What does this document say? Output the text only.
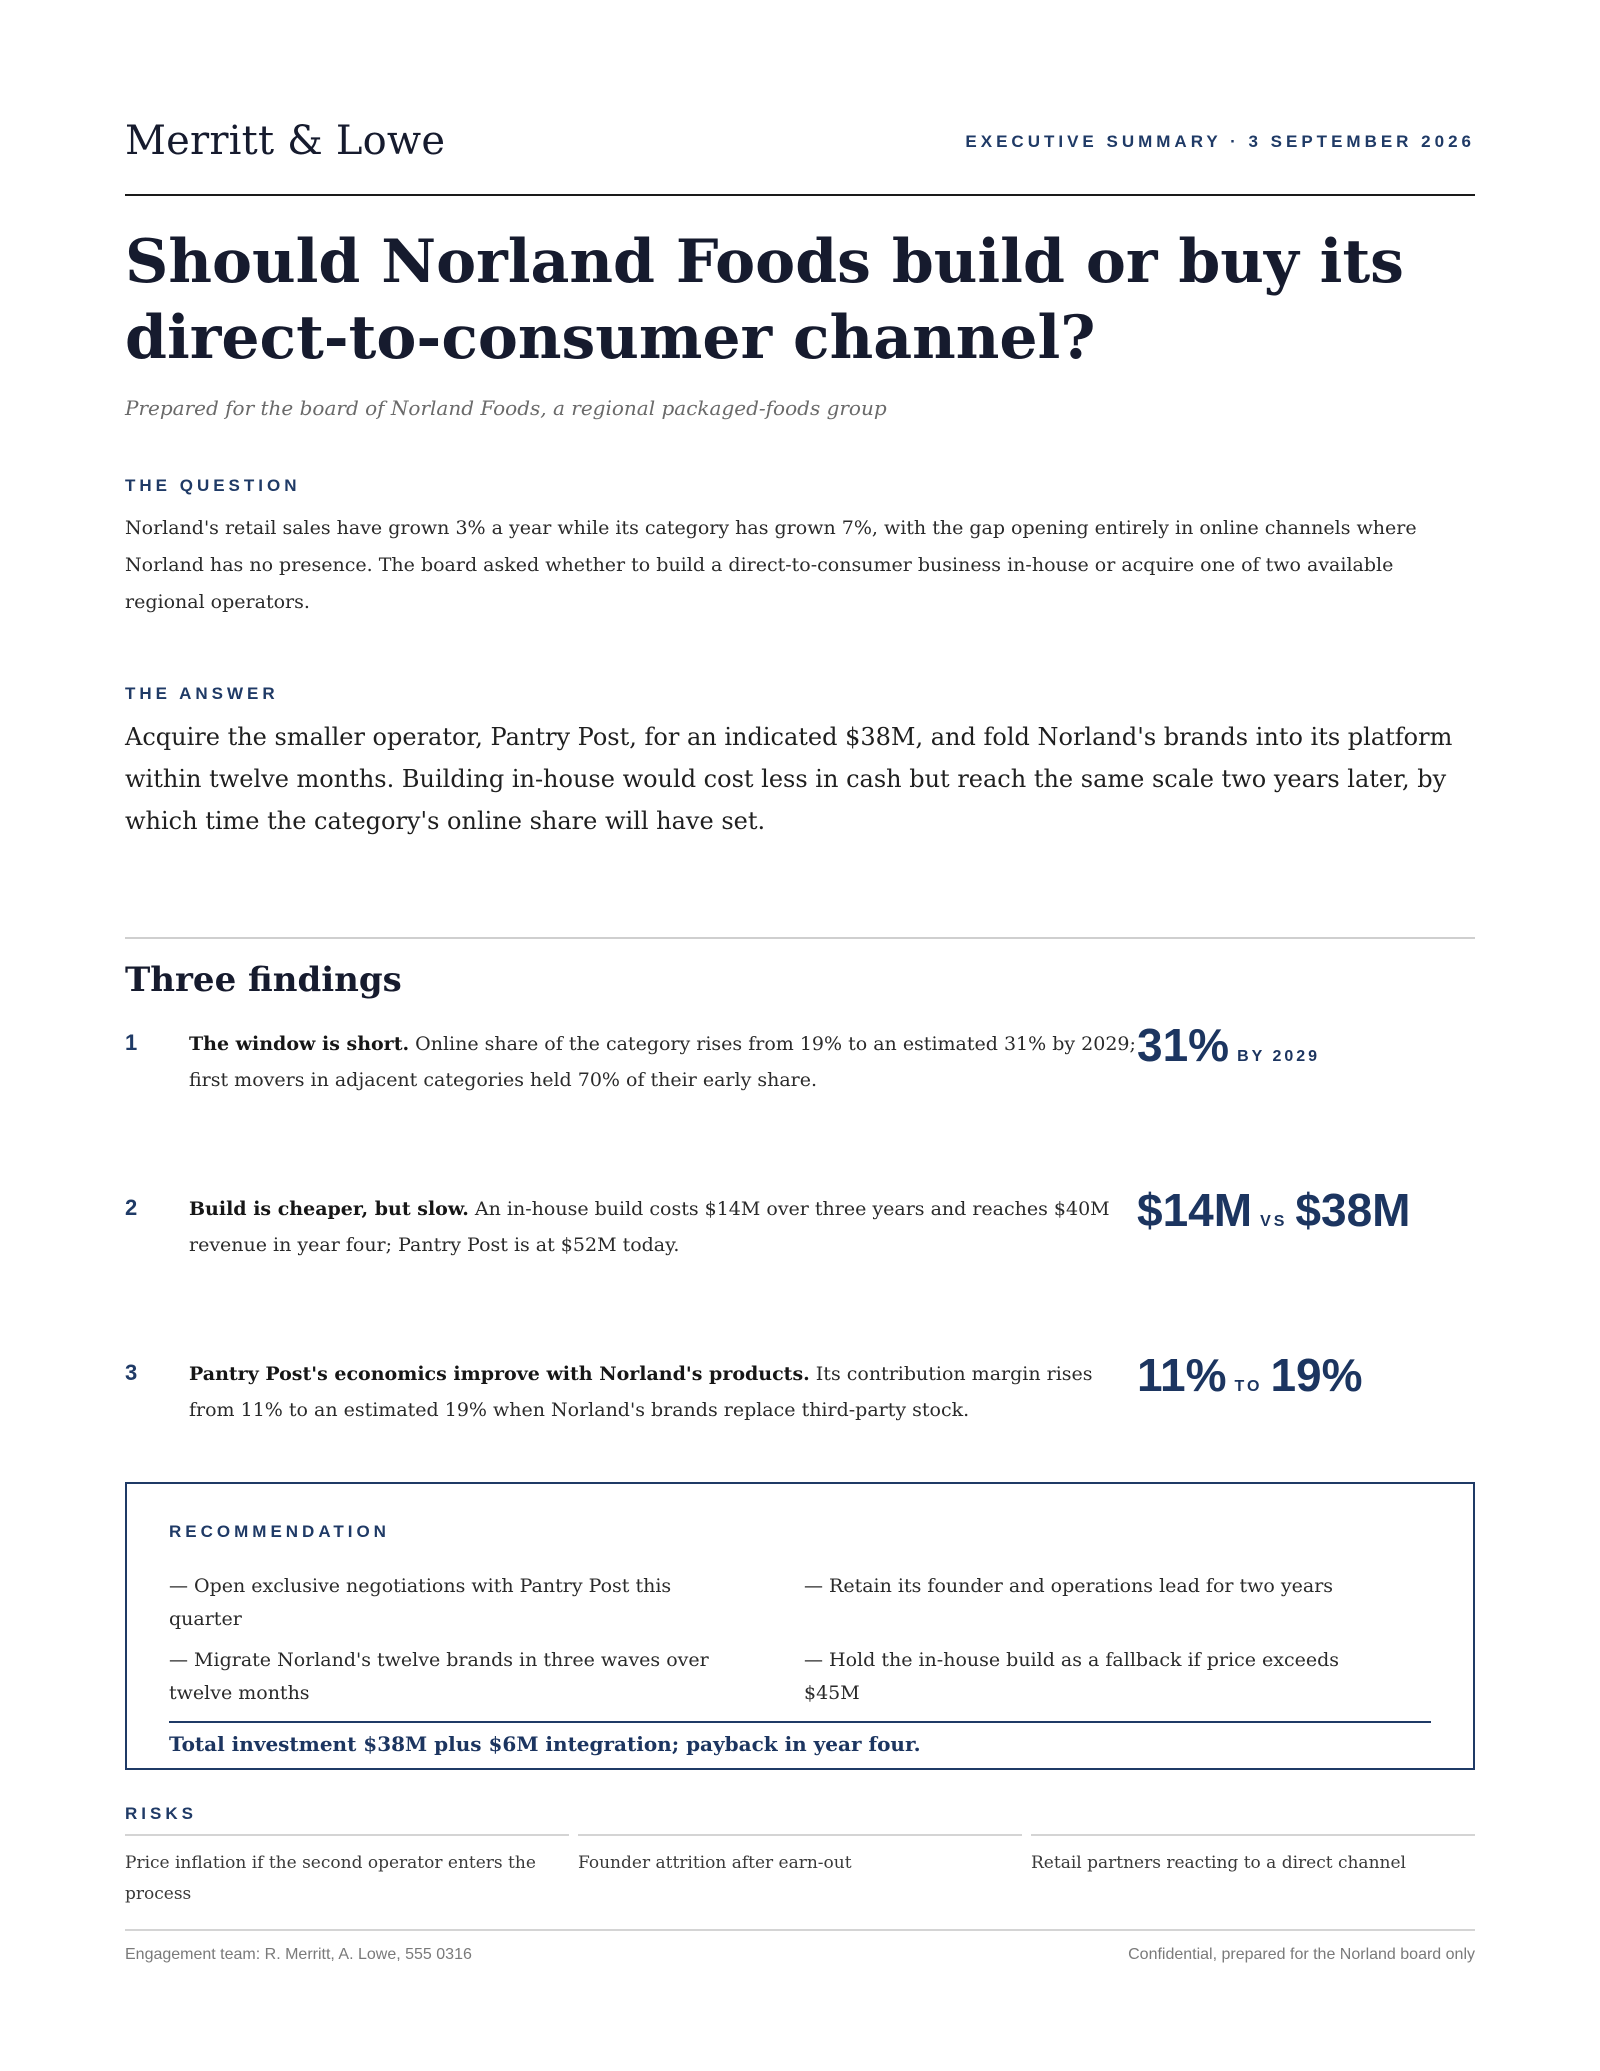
Merritt & Lowe	EXECUTIVE SUMMARY · 3 SEPTEMBER 2026
Should Norland Foods build or buy its direct-to-consumer channel?
Prepared for the board of Norland Foods, a regional packaged-foods group
THE QUESTION

Norland's retail sales have grown 3% a year while its category has grown 7%, with the gap opening entirely in online channels where Norland has no presence. The board asked whether to build a direct-to-consumer business in-house or acquire one of two available regional operators.

THE ANSWER

Acquire the smaller operator, Pantry Post, for an indicated $38M, and fold Norland's brands into its platform within twelve months. Building in-house would cost less in cash but reach the same scale two years later, by which time the category's online share will have set.

Three findings
1	The window is short. Online share of the category rises from 19% to an estimated 31% by 2029; first movers in adjacent categories held 70% of their early share.

31% BY 2029
2	Build is cheaper, but slow. An in-house build costs $14M over three years and reaches $40M revenue in year four; Pantry Post is at $52M today.

$14M VS $38M
3	Pantry Post's economics improve with Norland's products. Its contribution margin rises from 11% to an estimated 19% when Norland's brands replace third-party stock.

11% TO 19%
RECOMMENDATION
— Open exclusive negotiations with Pantry Post this quarter
— Retain its founder and operations lead for two years
— Migrate Norland's twelve brands in three waves over twelve months
— Hold the in-house build as a fallback if price exceeds $45M
Total investment $38M plus $6M integration; payback in year four.
RISKS
Price inflation if the second operator enters the process
Founder attrition after earn-out	Retail partners reacting to a direct channel
Engagement team: R. Merritt, A. Lowe, 555 0316	Confidential, prepared for the Norland board only
